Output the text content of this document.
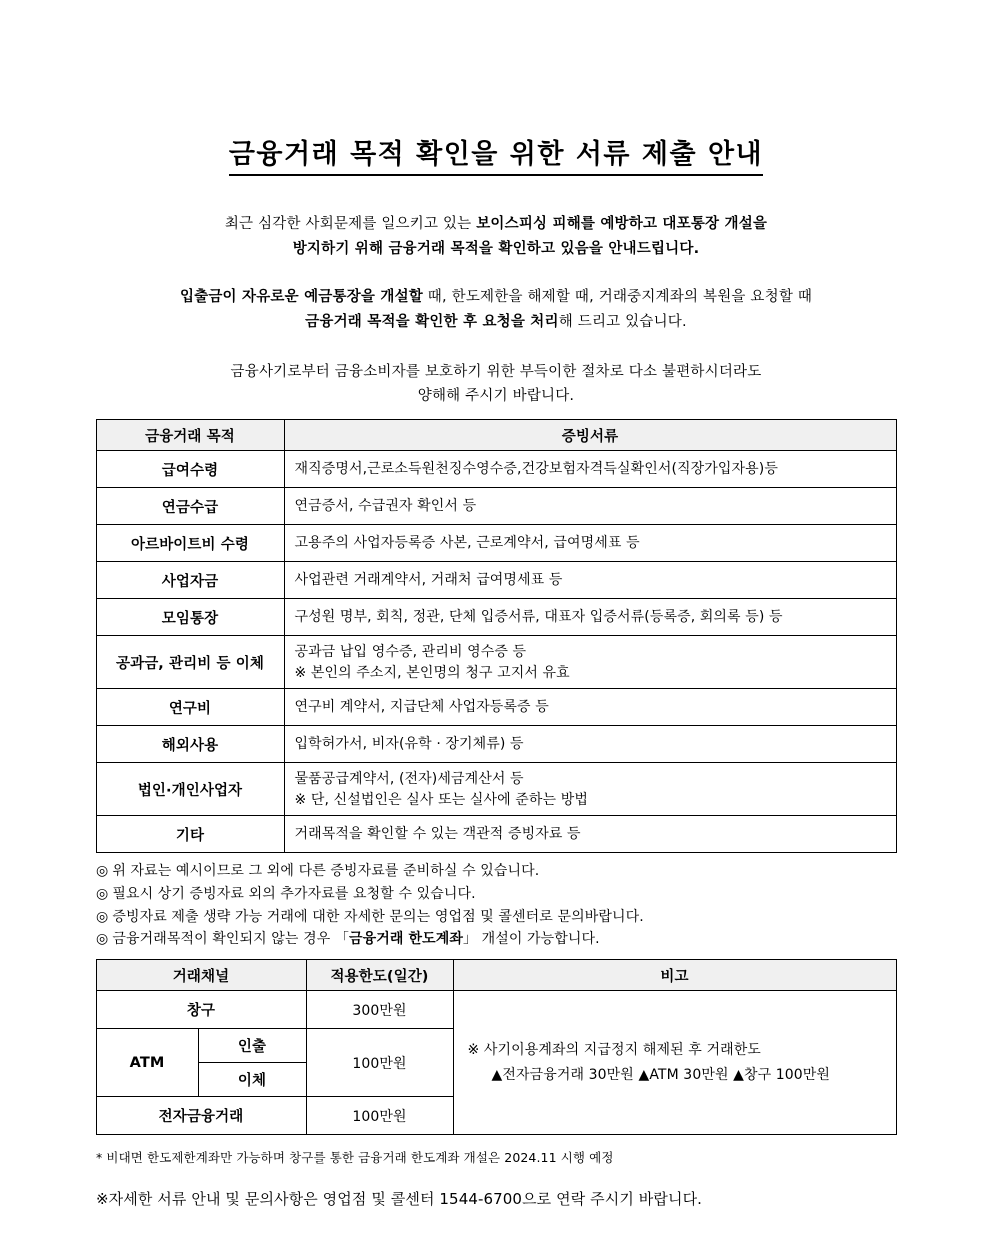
금융거래 목적 확인을 위한 서류 제출 안내
최근 심각한 사회문제를 일으키고 있는 보이스피싱 피해를 예방하고 대포통장 개설을
방지하기 위해 금융거래 목적을 확인하고 있음을 안내드립니다.
입출금이 자유로운 예금통장을 개설할 때, 한도제한을 해제할 때, 거래중지계좌의 복원을 요청할 때
금융거래 목적을 확인한 후 요청을 처리해 드리고 있습니다.
금융사기로부터 금융소비자를 보호하기 위한 부득이한 절차로 다소 불편하시더라도
양해해 주시기 바랍니다.
금융거래 목적	증빙서류
급여수령	재직증명서,근로소득원천징수영수증,건강보험자격득실확인서(직장가입자용)등

연금수급	연금증서, 수급권자 확인서 등

아르바이트비 수령	고용주의 사업자등록증 사본, 근로계약서, 급여명세표 등

사업자금	사업관련 거래계약서, 거래처 급여명세표 등

모임통장	구성원 명부, 회칙, 정관, 단체 입증서류, 대표자 입증서류(등록증, 회의록 등) 등

공과금, 관리비 등 이체	공과금 납입 영수증, 관리비 영수증 등
※ 본인의 주소지, 본인명의 청구 고지서 유효

연구비	연구비 계약서, 지급단체 사업자등록증 등

해외사용	입학허가서, 비자(유학 · 장기체류) 등

법인·개인사업자	물품공급계약서, (전자)세금계산서 등
※ 단, 신설법인은 실사 또는 실사에 준하는 방법

기타	거래목적을 확인할 수 있는 객관적 증빙자료 등
◎ 위 자료는 예시이므로 그 외에 다른 증빙자료를 준비하실 수 있습니다.
◎ 필요시 상기 증빙자료 외의 추가자료를 요청할 수 있습니다.
◎ 증빙자료 제출 생략 가능 거래에 대한 자세한 문의는 영업점 및 콜센터로 문의바랍니다.
◎ 금융거래목적이 확인되지 않는 경우 「금융거래 한도계좌」 개설이 가능합니다.
거래채널		적용한도(일간)	비고
창구		300만원	※ 사기이용계좌의 지급정지 해제된 후 거래한도
▲전자금융거래 30만원 ▲ATM 30만원 ▲창구 100만원

ATM	인출	100만원	
	이체		
전자금융거래		100만원	
* 비대면 한도제한계좌만 가능하며 창구를 통한 금융거래 한도계좌 개설은 2024.11 시행 예정
※자세한 서류 안내 및 문의사항은 영업점 및 콜센터 1544-6700으로 연락 주시기 바랍니다.
